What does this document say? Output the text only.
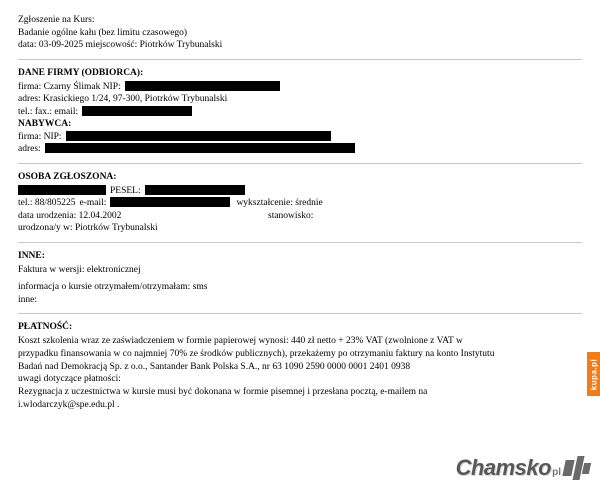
Zgłoszenie na Kurs:
Badanie ogólne kału (bez limitu czasowego)
data: 03-09-2025 miejscowość: Piotrków Trybunalski
DANE FIRMY (ODBIORCA):
firma: Czarny Ślimak NIP:
adres: Krasickiego 1/24, 97-300, Piotrków Trybunalski
tel.: fax.: email:
NABYWCA:
firma: NIP:
adres:
OSOBA ZGŁOSZONA:
PESEL:
tel.: 88/805225 e-mail:	wykształcenie: średnie
data urodzenia: 12.04.2002	stanowisko:
urodzona/y w: Piotrków Trybunalski
INNE:
Faktura w wersji: elektronicznej
informacja o kursie otrzymałem/otrzymałam: sms
inne:
PŁATNOŚĆ:
Koszt szkolenia wraz ze zaświadczeniem w formie papierowej wynosi: 440 zł netto + 23% VAT (zwolnione z VAT w
przypadku finansowania w co najmniej 70% ze środków publicznych), przekażemy po otrzymaniu faktury na konto Instytutu
Badań nad Demokracją Sp. z o.o., Santander Bank Polska S.A., nr 63 1090 2590 0000 0001 2401 0938
uwagi dotyczące płatności:
Rezygnacja z uczestnictwa w kursie musi być dokonana w formie pisemnej i przesłana pocztą, e-mailem na
i.wlodarczyk@spe.edu.pl .
kupa.pl
Chamsko pl
